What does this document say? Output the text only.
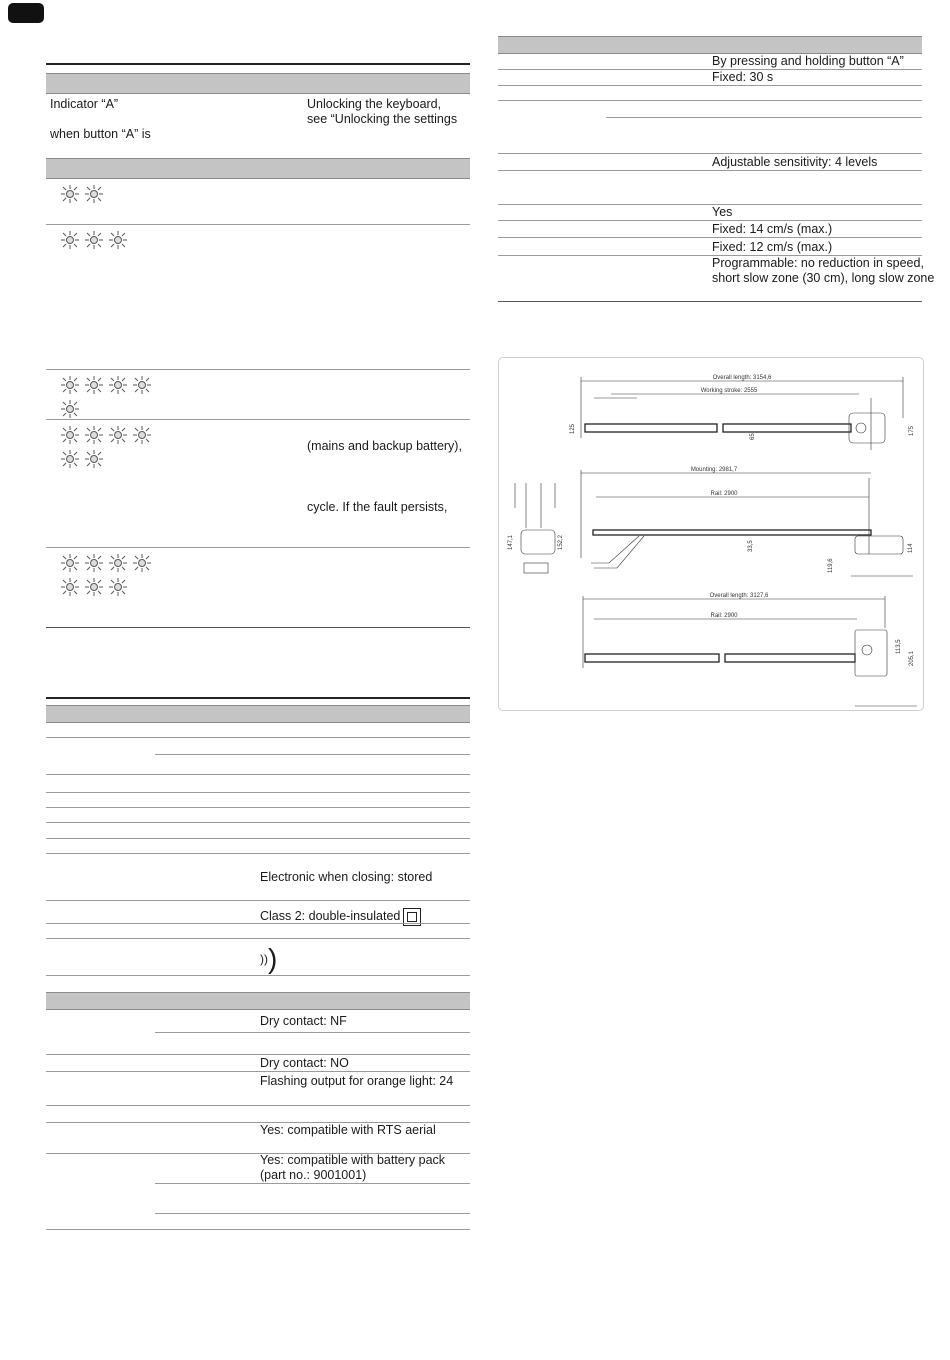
Indicator “A”
when button “A” is
Unlocking the keyboard,
see “Unlocking the settings
(mains and backup battery),
cycle. If the fault persists,
Electronic when closing: stored
Class 2: double-insulated
)))
Dry contact: NF
Dry contact: NO
Flashing output for orange light: 24
Yes: compatible with RTS aerial
Yes: compatible with battery pack
(part no.: 9001001)
By pressing and holding button “A”
Fixed: 30 s
Adjustable sensitivity: 4 levels
Yes
Fixed: 14 cm/s (max.)
Fixed: 12 cm/s (max.)
Programmable: no reduction in speed,
short slow zone (30 cm), long slow zone
Overall length: 3154,6
Working stroke: 2555
125
65
175
Mounting: 2981,7
Rail: 2900
33,5
119,6
114
147,1	152,2
Overall length: 3127,6
Rail: 2900
113,5
205,1
